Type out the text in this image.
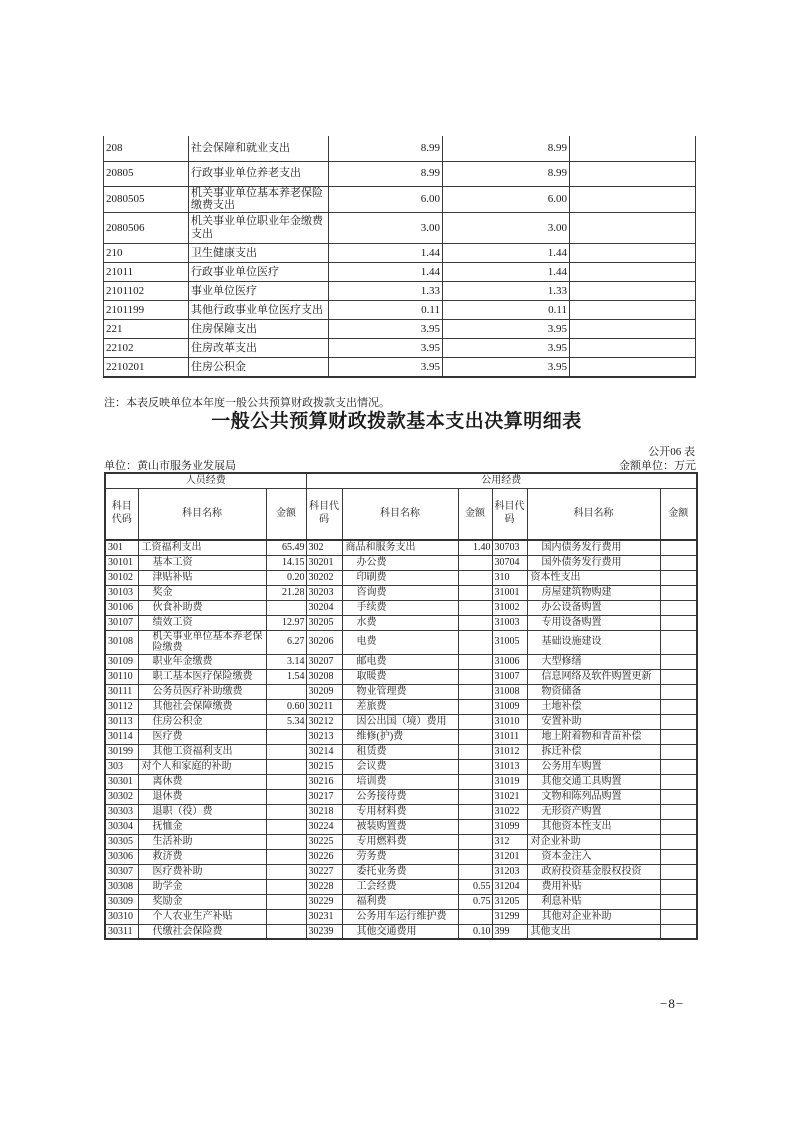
208	社会保障和就业支出	8.99	8.99	
20805	行政事业单位养老支出	8.99	8.99	
2080505	机关事业单位基本养老保险缴费支出	6.00	6.00	
2080506	机关事业单位职业年金缴费支出	3.00	3.00	
210	卫生健康支出	1.44	1.44	
21011	行政事业单位医疗	1.44	1.44	
2101102	事业单位医疗	1.33	1.33	
2101199	其他行政事业单位医疗支出	0.11	0.11	
221	住房保障支出	3.95	3.95	
22102	住房改革支出	3.95	3.95	
2210201	住房公积金	3.95	3.95	
注：本表反映单位本年度一般公共预算财政拨款支出情况。
一般公共预算财政拨款基本支出决算明细表
公开06 表
单位：黄山市服务业发展局	金额单位：万元
人员经费			公用经费					
科目代码	科目名称	金额	科目代码	科目名称	金额	科目代码	科目名称	金额
301	工资福利支出	65.49	302	商品和服务支出	1.40	30703	国内债务发行费用	
30101	基本工资	14.15	30201	办公费		30704	国外债务发行费用	
30102	津贴补贴	0.20	30202	印刷费		310	资本性支出	
30103	奖金	21.28	30203	咨询费		31001	房屋建筑物购建	
30106	伙食补助费		30204	手续费		31002	办公设备购置	
30107	绩效工资	12.97	30205	水费		31003	专用设备购置	
30108	机关事业单位基本养老保险缴费	6.27	30206	电费		31005	基础设施建设	
30109	职业年金缴费	3.14	30207	邮电费		31006	大型修缮	
30110	职工基本医疗保险缴费	1.54	30208	取暖费		31007	信息网络及软件购置更新	
30111	公务员医疗补助缴费		30209	物业管理费		31008	物资储备	
30112	其他社会保障缴费	0.60	30211	差旅费		31009	土地补偿	
30113	住房公积金	5.34	30212	因公出国（境）费用		31010	安置补助	
30114	医疗费		30213	维修(护)费		31011	地上附着物和青苗补偿	
30199	其他工资福利支出		30214	租赁费		31012	拆迁补偿	
303	对个人和家庭的补助		30215	会议费		31013	公务用车购置	
30301	离休费		30216	培训费		31019	其他交通工具购置	
30302	退休费		30217	公务接待费		31021	文物和陈列品购置	
30303	退职（役）费		30218	专用材料费		31022	无形资产购置	
30304	抚恤金		30224	被装购置费		31099	其他资本性支出	
30305	生活补助		30225	专用燃料费		312	对企业补助	
30306	救济费		30226	劳务费		31201	资本金注入	
30307	医疗费补助		30227	委托业务费		31203	政府投资基金股权投资	
30308	助学金		30228	工会经费	0.55	31204	费用补贴	
30309	奖励金		30229	福利费	0.75	31205	利息补贴	
30310	个人农业生产补贴		30231	公务用车运行维护费		31299	其他对企业补助	
30311	代缴社会保险费		30239	其他交通费用	0.10	399	其他支出	
−8−
